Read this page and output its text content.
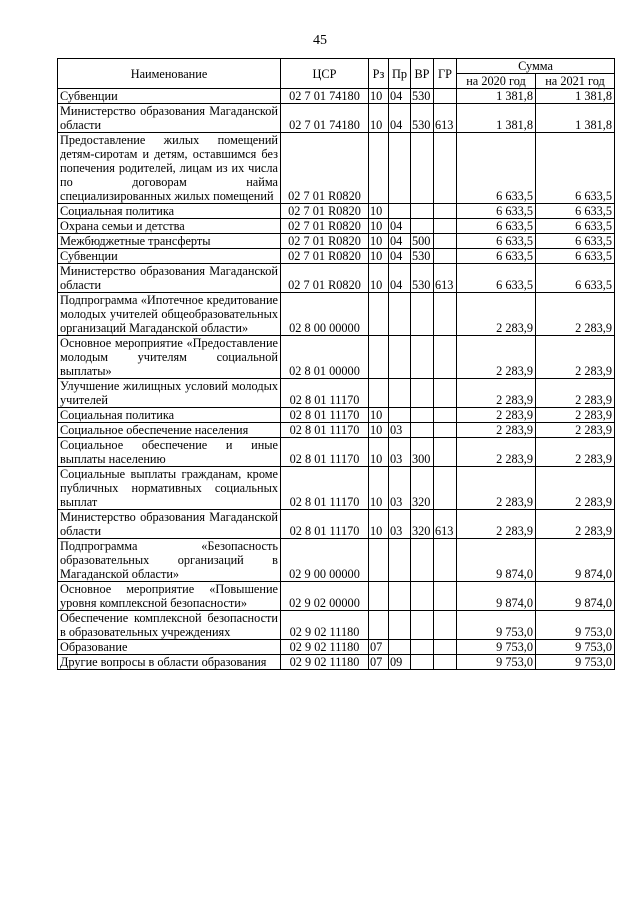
45
Наименование	ЦСР	Рз	Пр	ВР	ГР	Сумма	
						на 2020 год	на 2021 год
Субвенции	02 7 01 74180	10	04	530		1 381,8	1 381,8
Министерство образования Магаданской области	02 7 01 74180	10	04	530	613	1 381,8	1 381,8
Предоставление жилых помещений детям-сиротам и детям, оставшимся без попечения родителей, лицам из их числа по договорам найма специализированных жилых помещений	02 7 01 R0820					6 633,5	6 633,5
Социальная политика	02 7 01 R0820	10				6 633,5	6 633,5
Охрана семьи и детства	02 7 01 R0820	10	04			6 633,5	6 633,5
Межбюджетные трансферты	02 7 01 R0820	10	04	500		6 633,5	6 633,5
Субвенции	02 7 01 R0820	10	04	530		6 633,5	6 633,5
Министерство образования Магаданской области	02 7 01 R0820	10	04	530	613	6 633,5	6 633,5
Подпрограмма «Ипотечное кредитование молодых учителей общеобразовательных организаций Магаданской области»	02 8 00 00000					2 283,9	2 283,9
Основное мероприятие «Предоставление молодым учителям социальной выплаты»	02 8 01 00000					2 283,9	2 283,9
Улучшение жилищных условий молодых учителей	02 8 01 11170					2 283,9	2 283,9
Социальная политика	02 8 01 11170	10				2 283,9	2 283,9
Социальное обеспечение населения	02 8 01 11170	10	03			2 283,9	2 283,9
Социальное обеспечение и иные выплаты населению	02 8 01 11170	10	03	300		2 283,9	2 283,9
Социальные выплаты гражданам, кроме публичных нормативных социальных выплат	02 8 01 11170	10	03	320		2 283,9	2 283,9
Министерство образования Магаданской области	02 8 01 11170	10	03	320	613	2 283,9	2 283,9
Подпрограмма «Безопасность образовательных организаций в Магаданской области»	02 9 00 00000					9 874,0	9 874,0
Основное мероприятие «Повышение уровня комплексной безопасности»	02 9 02 00000					9 874,0	9 874,0
Обеспечение комплексной безопасности в образовательных учреждениях	02 9 02 11180					9 753,0	9 753,0
Образование	02 9 02 11180	07				9 753,0	9 753,0
Другие вопросы в области образования	02 9 02 11180	07	09			9 753,0	9 753,0
